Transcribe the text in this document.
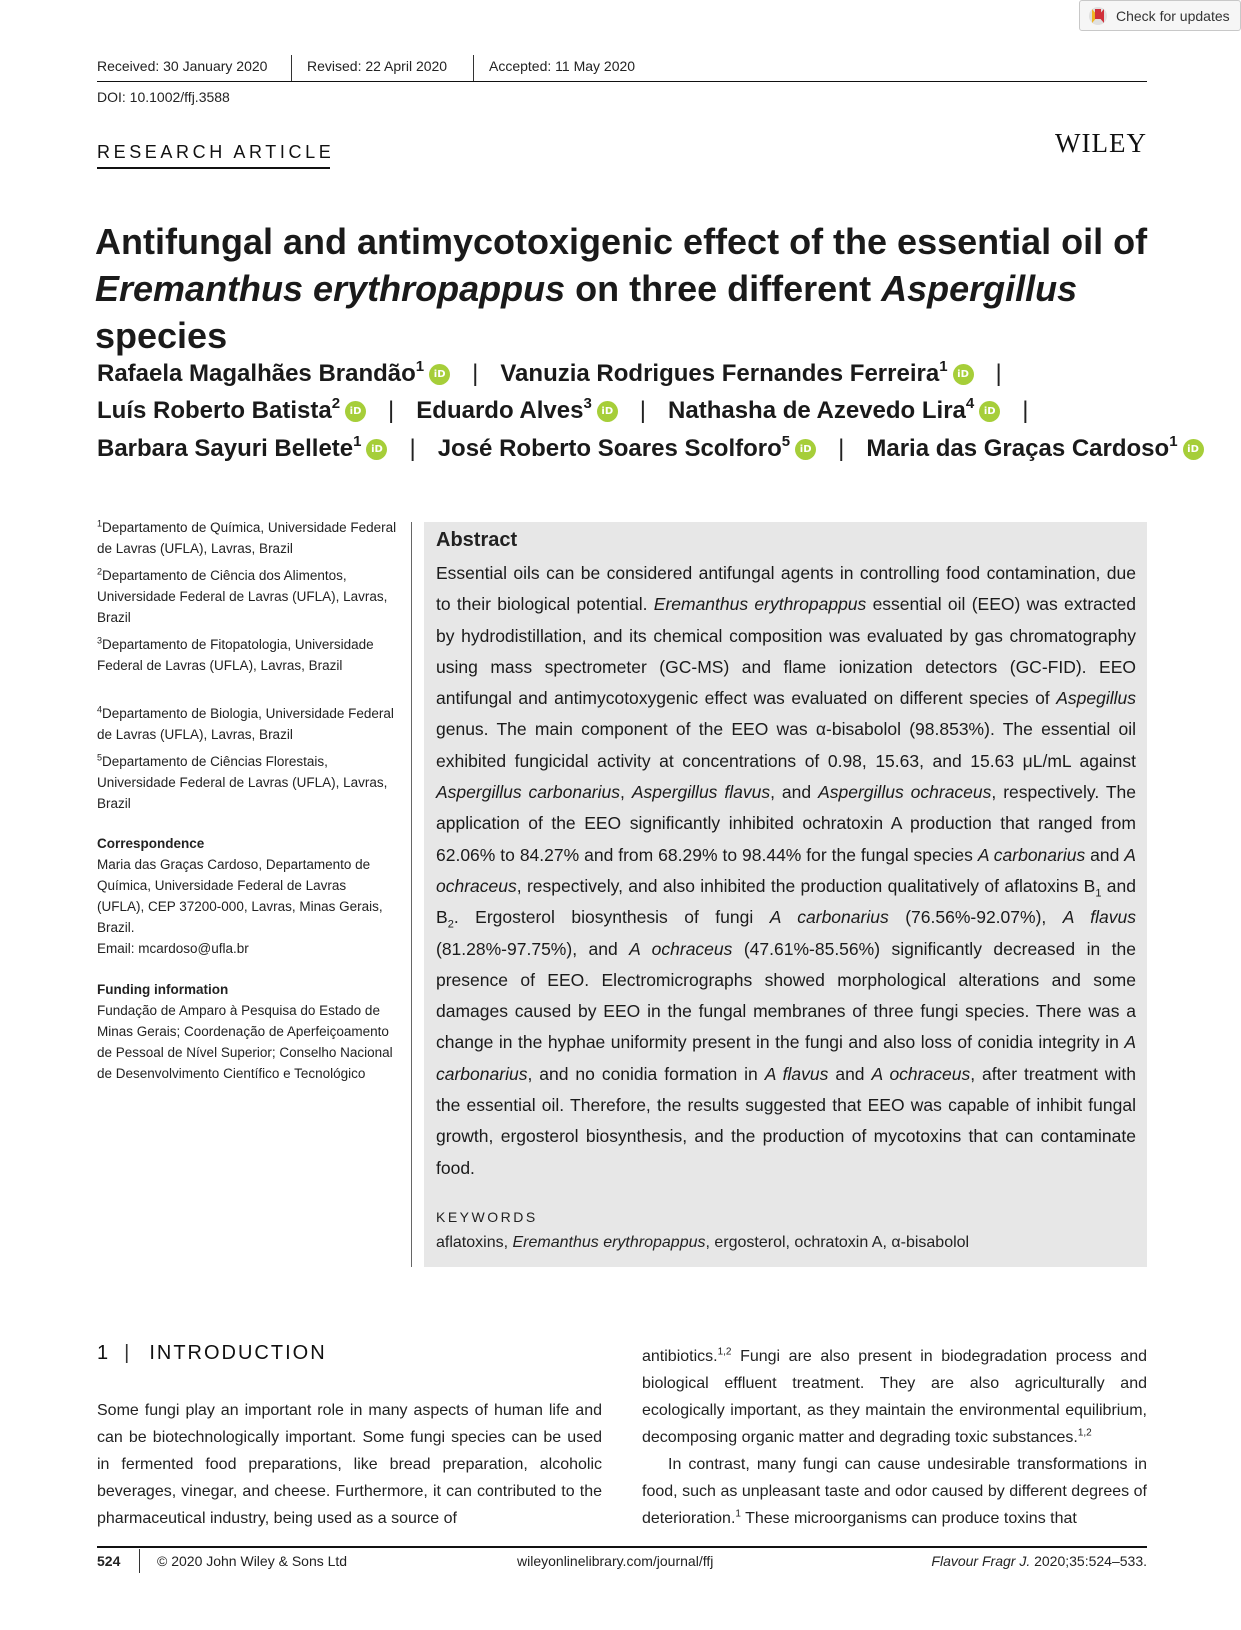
Check for updates
Received: 30 January 2020	Revised: 22 April 2020	Accepted: 11 May 2020
DOI: 10.1002/ffj.3588
RESEARCH ARTICLE	WILEY
Antifungal and antimycotoxigenic effect of the essential oil of
Eremanthus erythropappus on three different Aspergillus species
Rafaela Magalhães Brandão$^1$ iD | Vanuzia Rodrigues Fernandes Ferreira$^1$ iD |
Luís Roberto Batista$^2$ iD | Eduardo Alves$^3$ iD | Nathasha de Azevedo Lira$^4$ iD |
Barbara Sayuri Bellete$^1$ iD | José Roberto Soares Scolforo$^5$ iD | Maria das Graças Cardoso$^1$ iD
$^1$Departamento de Química, Universidade Federal de Lavras (UFLA), Lavras, Brazil
$^2$Departamento de Ciência dos Alimentos, Universidade Federal de Lavras (UFLA), Lavras, Brazil
$^3$Departamento de Fitopatologia, Universidade Federal de Lavras (UFLA), Lavras, Brazil
$^4$Departamento de Biologia, Universidade Federal de Lavras (UFLA), Lavras, Brazil
$^5$Departamento de Ciências Florestais, Universidade Federal de Lavras (UFLA), Lavras, Brazil
Correspondence
Maria das Graças Cardoso, Departamento de Química, Universidade Federal de Lavras (UFLA), CEP 37200-000, Lavras, Minas Gerais, Brazil.
Email: mcardoso@ufla.br
Funding information
Fundação de Amparo à Pesquisa do Estado de Minas Gerais; Coordenação de Aperfeiçoamento de Pessoal de Nível Superior; Conselho Nacional de Desenvolvimento Científico e Tecnológico
Abstract
Essential oils can be considered antifungal agents in controlling food contamination, due to their biological potential. Eremanthus erythropappus essential oil (EEO) was extracted by hydrodistillation, and its chemical composition was evaluated by gas chromatography using mass spectrometer (GC-MS) and flame ionization detectors (GC-FID). EEO antifungal and antimycotoxygenic effect was evaluated on different species of Aspegillus genus. The main component of the EEO was α-bisabolol (98.853%). The essential oil exhibited fungicidal activity at concentrations of 0.98, 15.63, and 15.63 μL/mL against Aspergillus carbonarius, Aspergillus flavus, and Aspergillus ochraceus, respectively. The application of the EEO significantly inhibited ochratoxin A production that ranged from 62.06% to 84.27% and from 68.29% to 98.44% for the fungal species A carbonarius and A ochraceus, respectively, and also inhibited the production qualitatively of aflatoxins $B_1$ and $B_2$. Ergosterol biosynthesis of fungi A carbonarius (76.56%-92.07%), A flavus (81.28%-97.75%), and A ochraceus (47.61%-85.56%) significantly decreased in the presence of EEO. Electromicrographs showed morphological alterations and some damages caused by EEO in the fungal membranes of three fungi species. There was a change in the hyphae uniformity present in the fungi and also loss of conidia integrity in A carbonarius, and no conidia formation in A flavus and A ochraceus, after treatment with the essential oil. Therefore, the results suggested that EEO was capable of inhibit fungal growth, ergosterol biosynthesis, and the production of mycotoxins that can contaminate food.
KEYWORDS
aflatoxins, Eremanthus erythropappus, ergosterol, ochratoxin A, α-bisabolol
1 | INTRODUCTION

Some fungi play an important role in many aspects of human life and can be biotechnologically important. Some fungi species can be used in fermented food preparations, like bread preparation, alcoholic beverages, vinegar, and cheese. Furthermore, it can contributed to the pharmaceutical industry, being used as a source of

antibiotics.$^{1,2}$ Fungi are also present in biodegradation process and biological effluent treatment. They are also agriculturally and ecologically important, as they maintain the environmental equilibrium, decomposing organic matter and degrading toxic substances.$^{1,2}$

In contrast, many fungi can cause undesirable transformations in food, such as unpleasant taste and odor caused by different degrees of deterioration.$^1$ These microorganisms can produce toxins that

524	© 2020 John Wiley & Sons Ltd	wileyonlinelibrary.com/journal/ffj	Flavour Fragr J. 2020;35:524–533.
